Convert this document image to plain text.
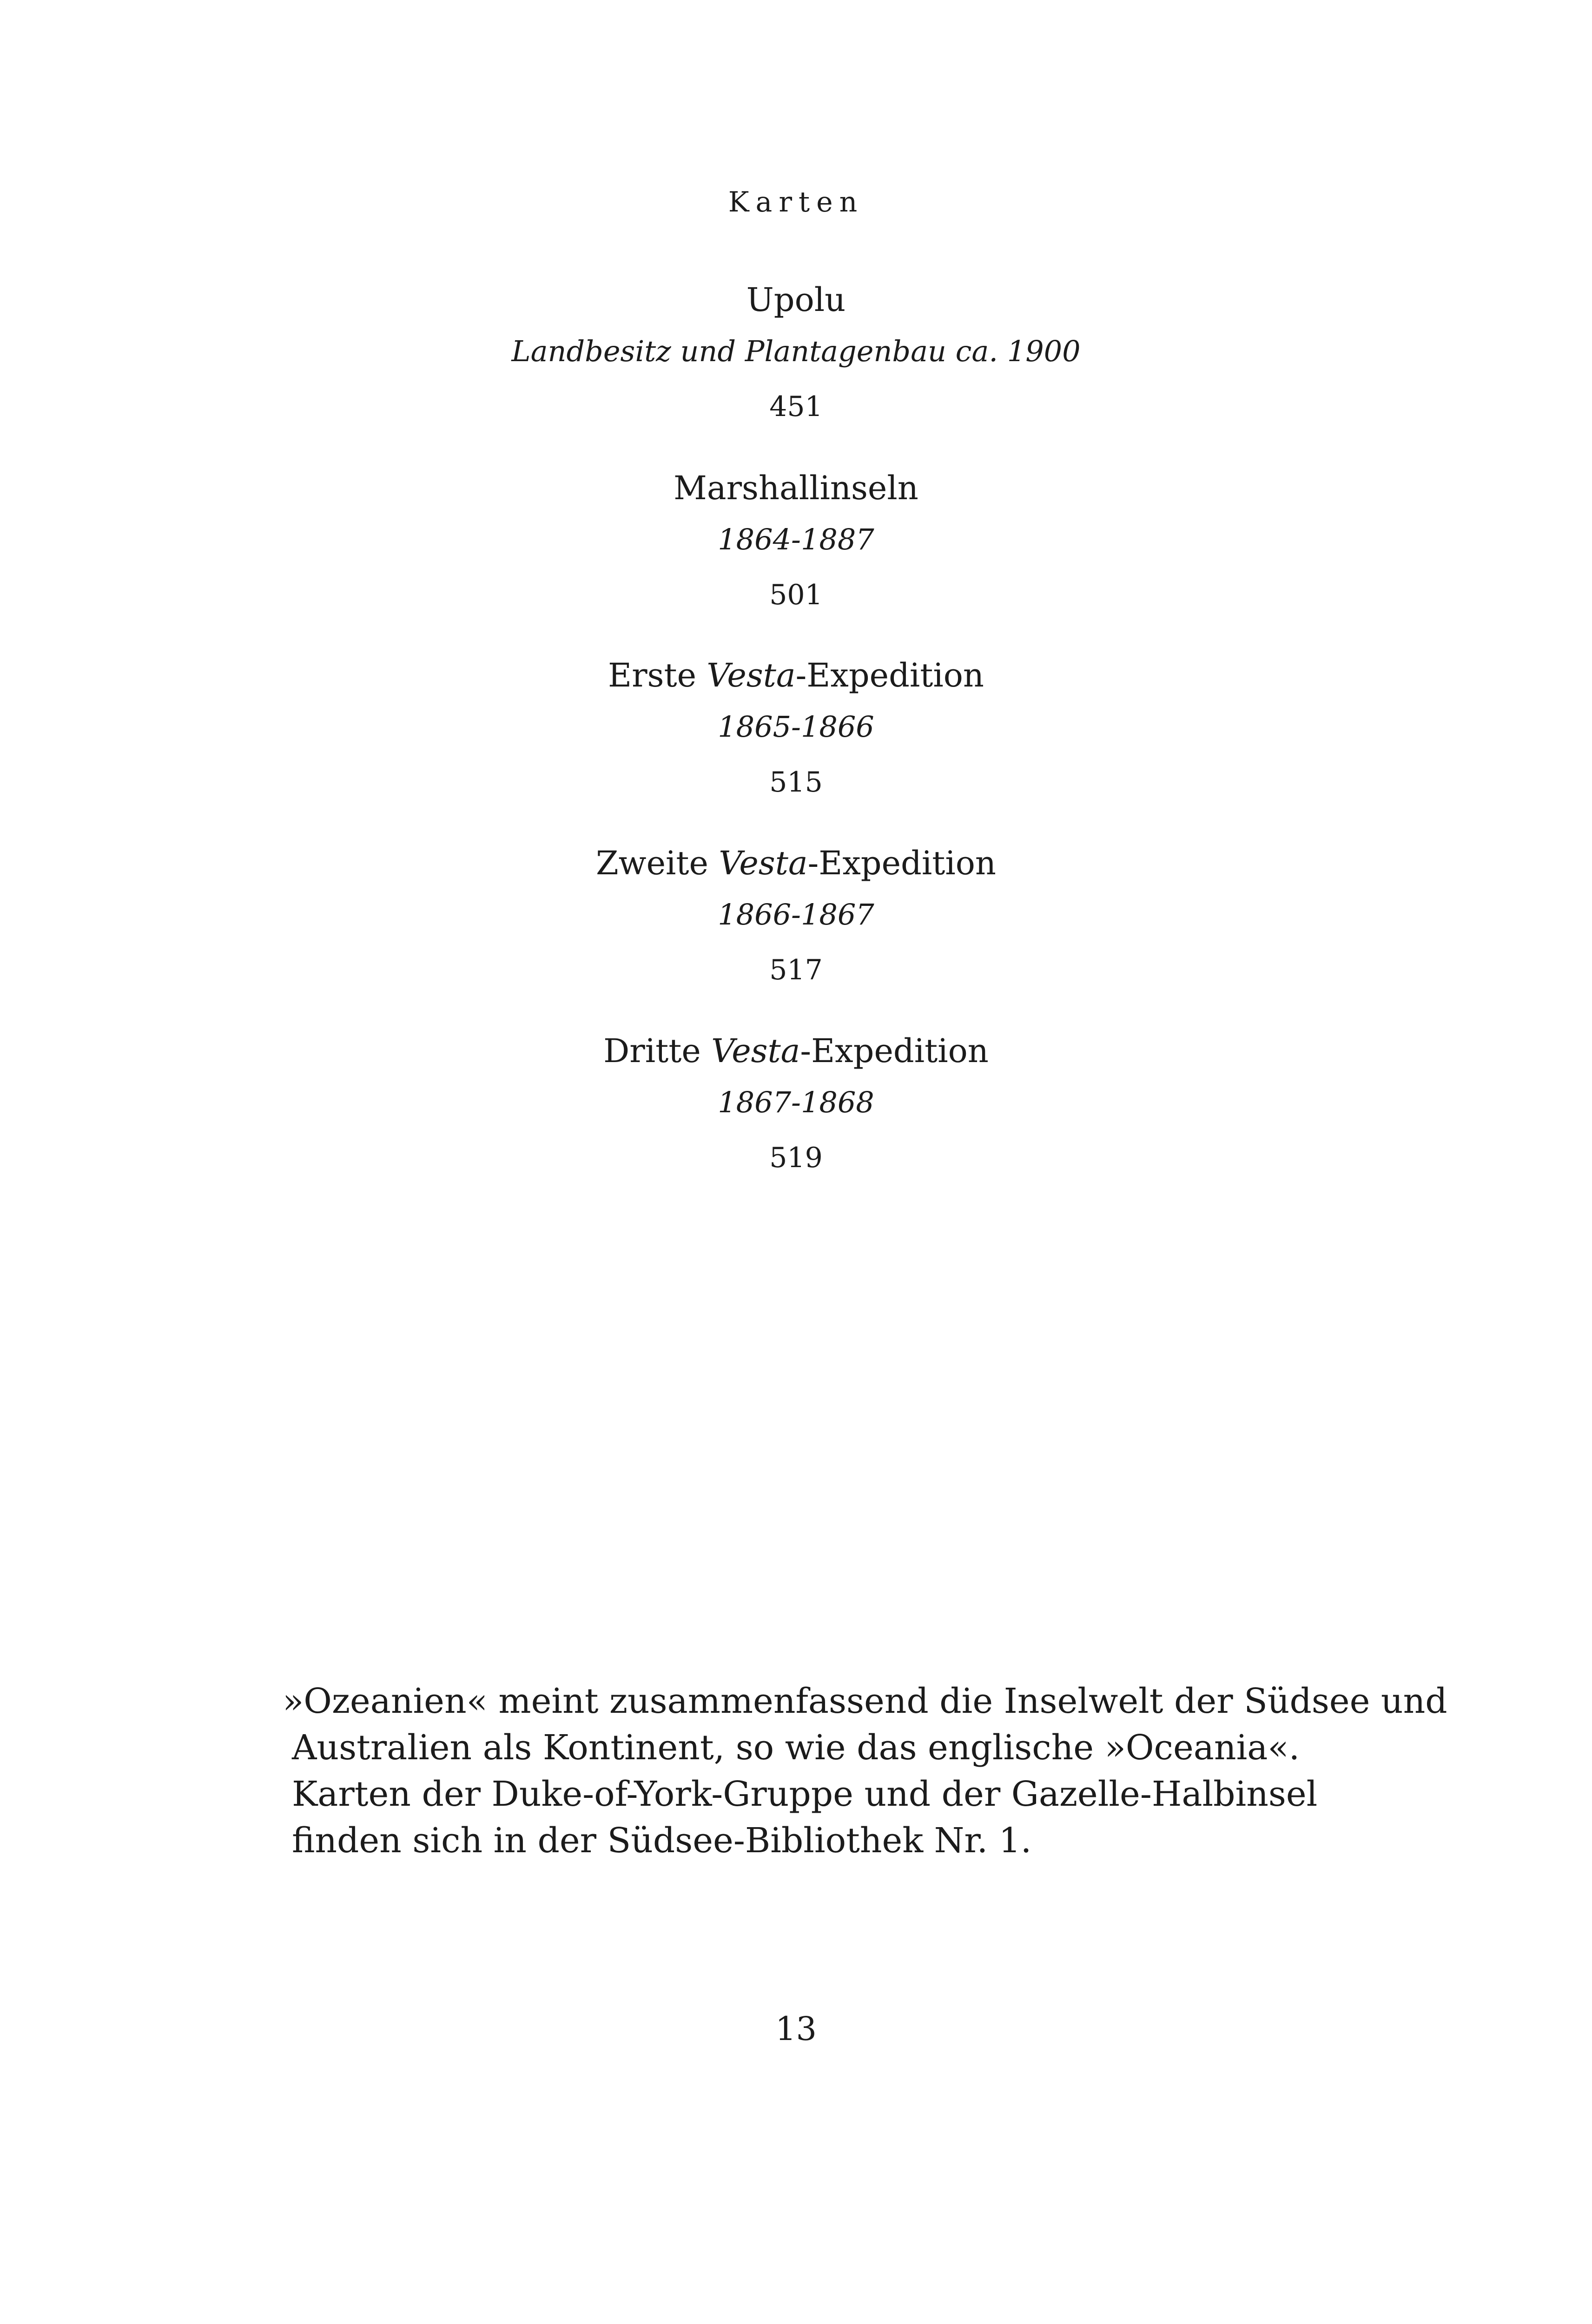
Karten
Upolu
Landbesitz und Plantagenbau ca. 1900
451
Marshallinseln
1864-1887
501
Erste Vesta-Expedition
1865-1866
515
Zweite Vesta-Expedition
1866-1867
517
Dritte Vesta-Expedition
1867-1868
519

»Ozeanien« meint zusammenfassend die Inselwelt der Südsee und

Australien als Kontinent, so wie das englische »Oceania«.

Karten der Duke-of-York-Gruppe und der Gazelle-Halbinsel

finden sich in der Südsee-Bibliothek Nr. 1.

13
